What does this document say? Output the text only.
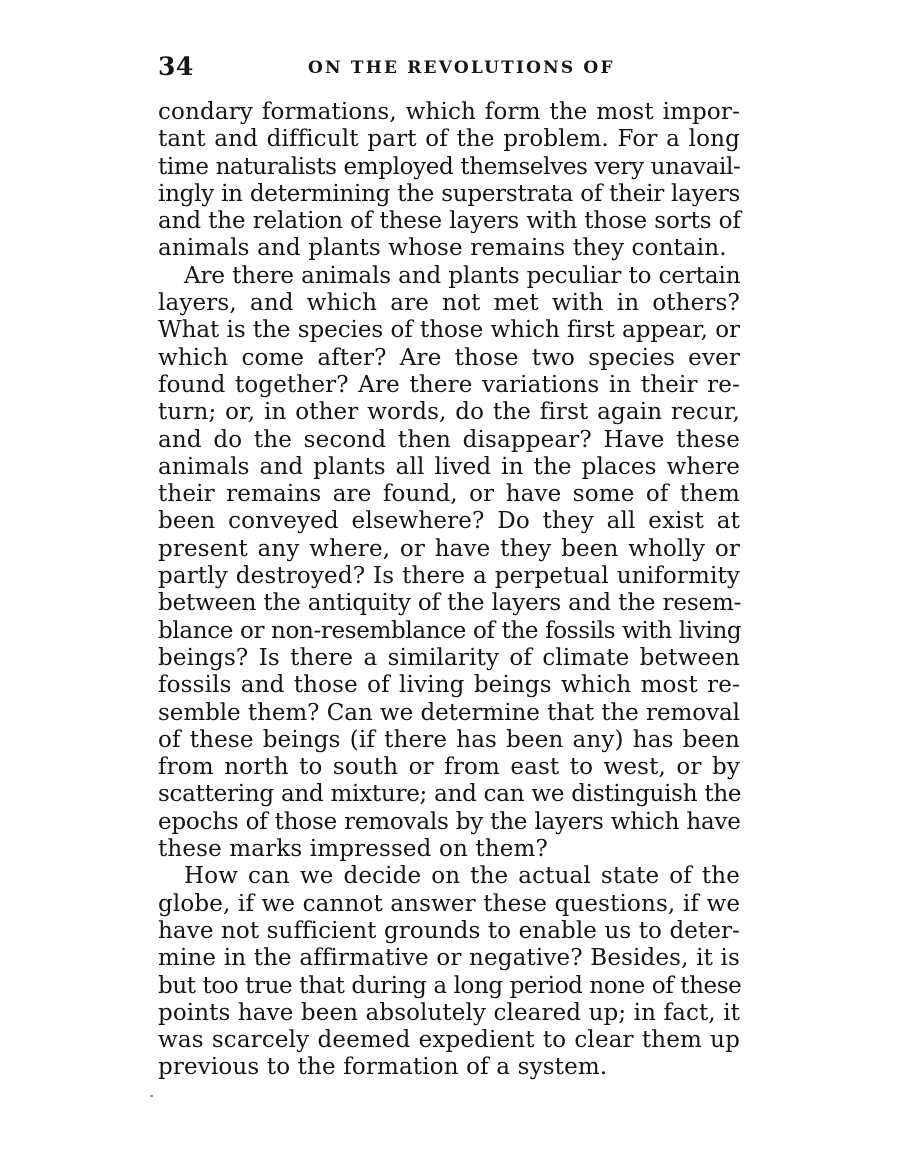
34	ON THE REVOLUTIONS OF
condary formations, which form the most impor-
tant and difficult part of the problem. For a long
time naturalists employed themselves very unavail-
ingly in determining the superstrata of their layers
and the relation of these layers with those sorts of
animals and plants whose remains they contain.
Are there animals and plants peculiar to certain
layers, and which are not met with in others?
What is the species of those which first appear, or
which come after? Are those two species ever
found together? Are there variations in their re-
turn; or, in other words, do the first again recur,
and do the second then disappear? Have these
animals and plants all lived in the places where
their remains are found, or have some of them
been conveyed elsewhere? Do they all exist at
present any where, or have they been wholly or
partly destroyed? Is there a perpetual uniformity
between the antiquity of the layers and the resem-
blance or non-resemblance of the fossils with living
beings? Is there a similarity of climate between
fossils and those of living beings which most re-
semble them? Can we determine that the removal
of these beings (if there has been any) has been
from north to south or from east to west, or by
scattering and mixture; and can we distinguish the
epochs of those removals by the layers which have
these marks impressed on them?
How can we decide on the actual state of the
globe, if we cannot answer these questions, if we
have not sufficient grounds to enable us to deter-
mine in the affirmative or negative? Besides, it is
but too true that during a long period none of these
points have been absolutely cleared up; in fact, it
was scarcely deemed expedient to clear them up
previous to the formation of a system.
